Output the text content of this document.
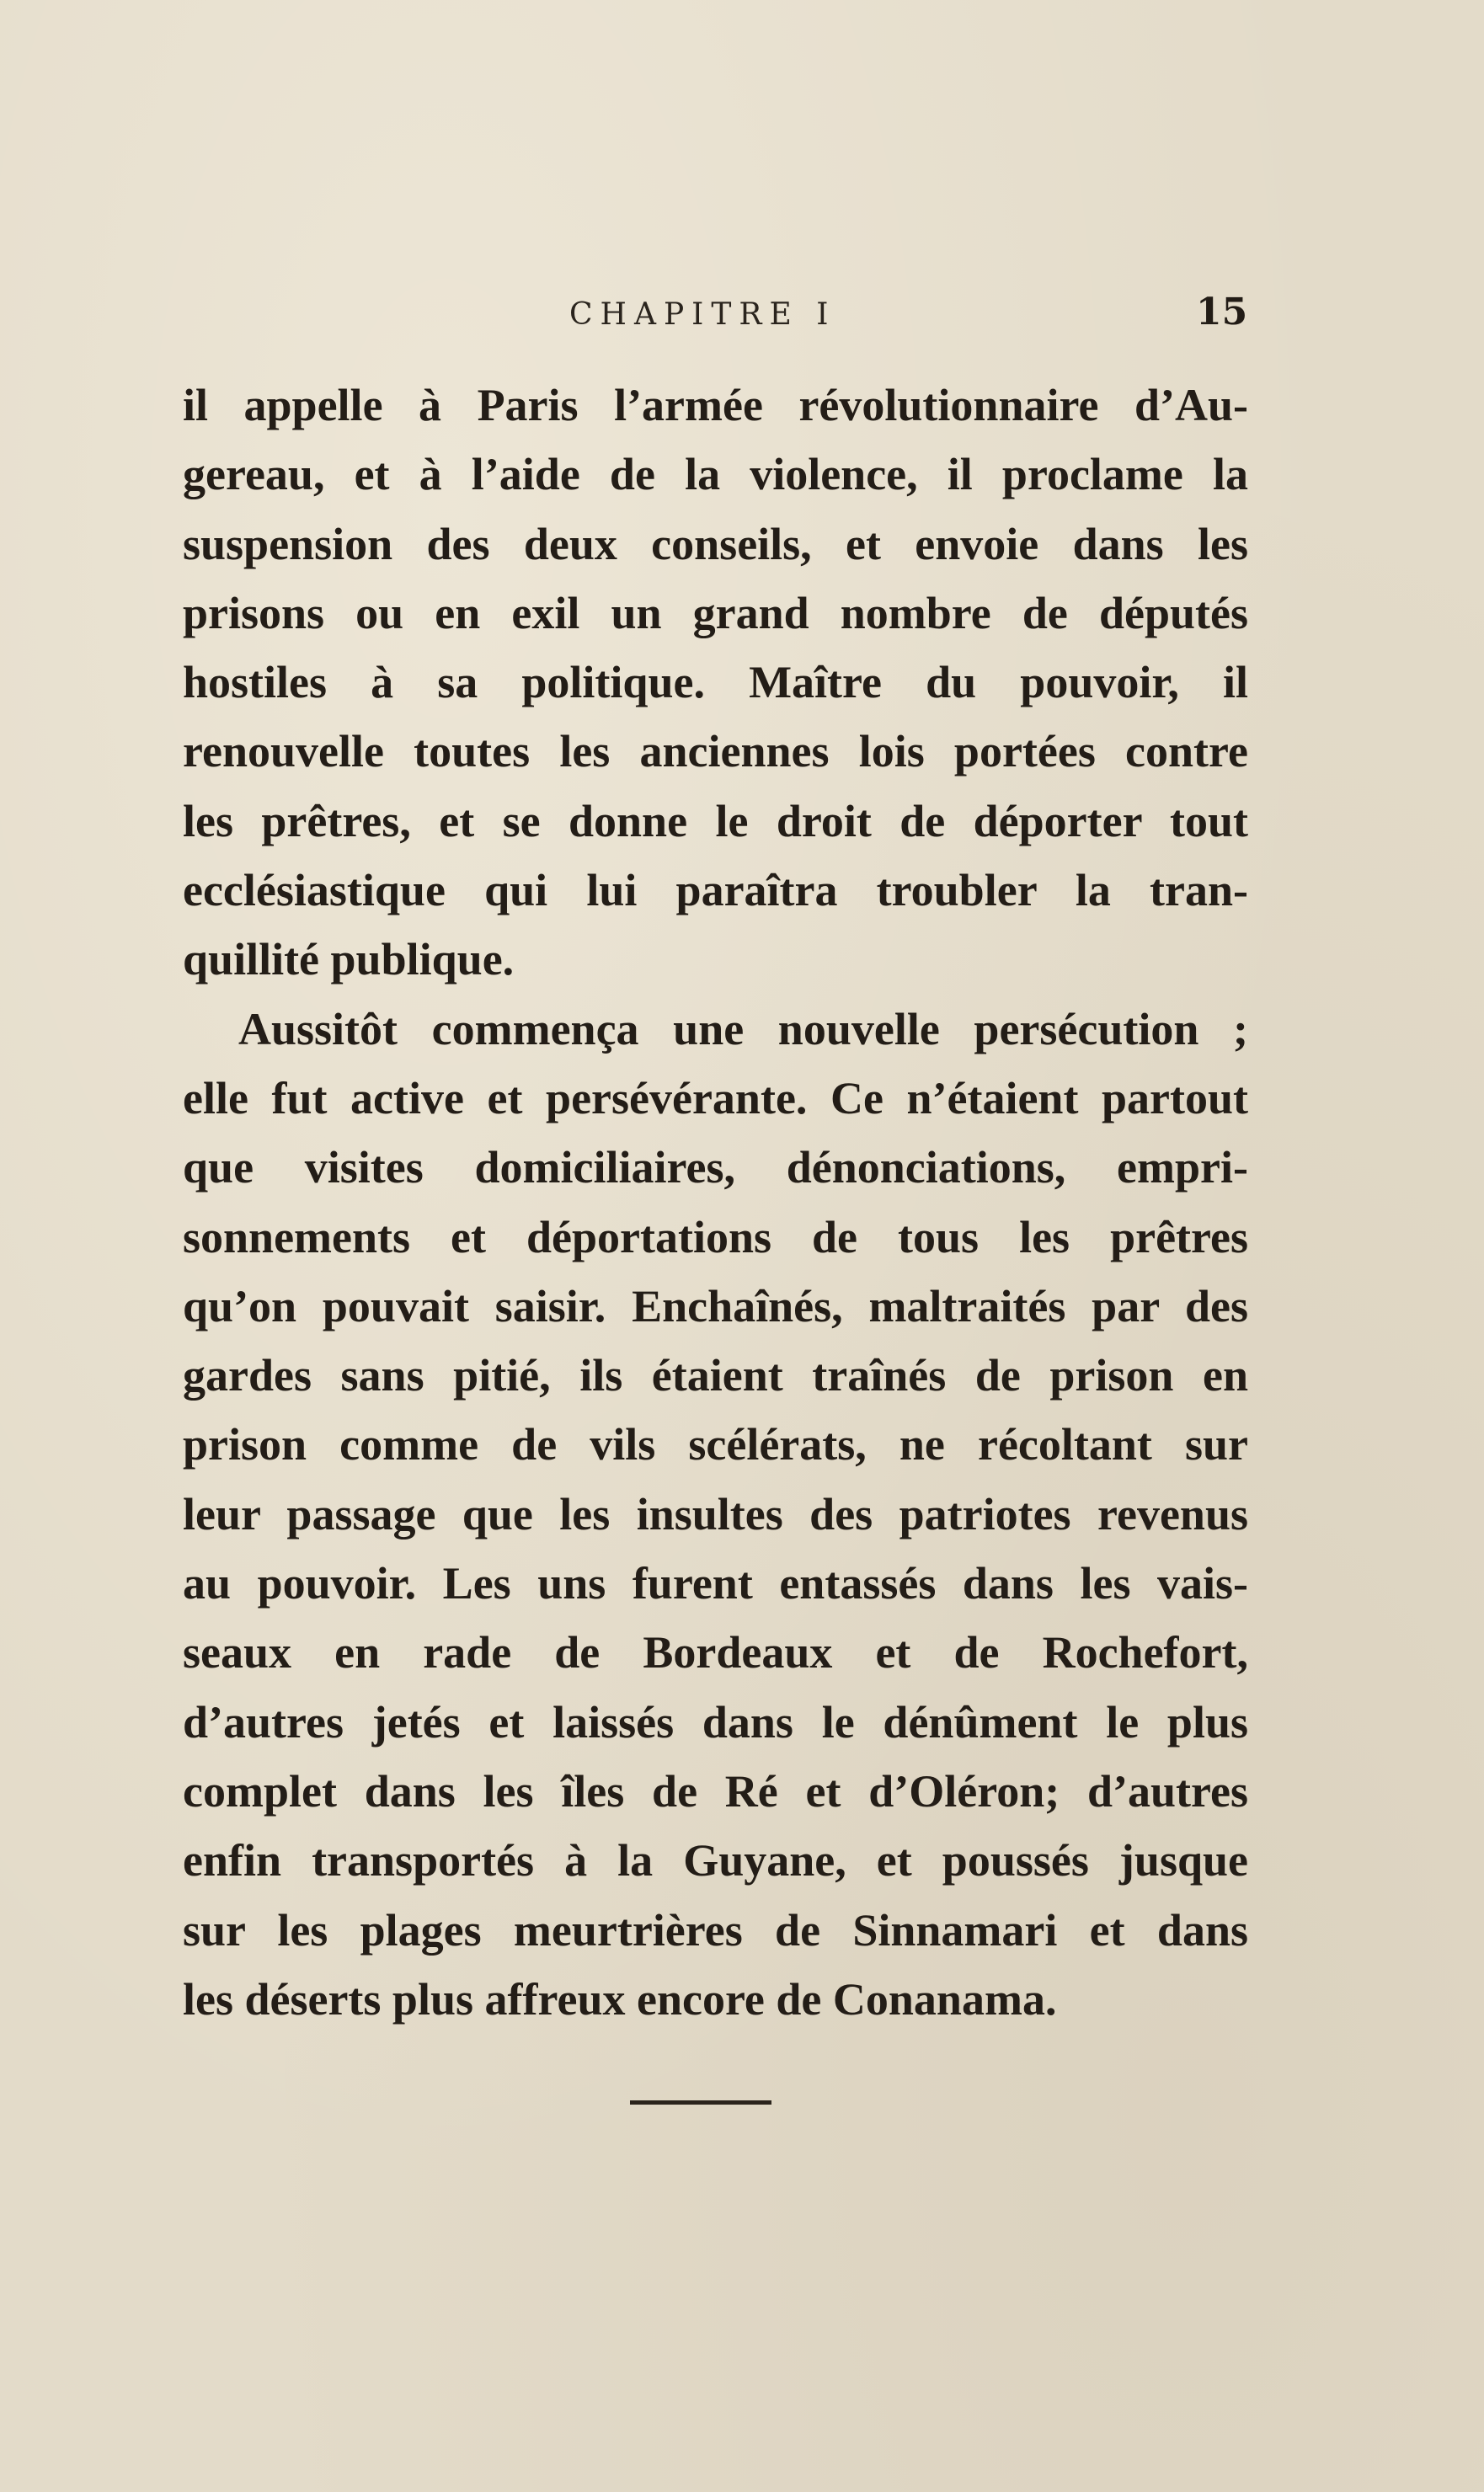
CHAPITRE I	15
il appelle à Paris l’armée révolutionnaire d’Au-
gereau, et à l’aide de la violence, il proclame la
suspension des deux conseils, et envoie dans les
prisons ou en exil un grand nombre de députés
hostiles à sa politique. Maître du pouvoir, il
renouvelle toutes les anciennes lois portées contre
les prêtres, et se donne le droit de déporter tout
ecclésiastique qui lui paraîtra troubler la tran-
quillité publique.
Aussitôt commença une nouvelle persécution ;
elle fut active et persévérante. Ce n’étaient partout
que visites domiciliaires, dénonciations, empri-
sonnements et déportations de tous les prêtres
qu’on pouvait saisir. Enchaînés, maltraités par des
gardes sans pitié, ils étaient traînés de prison en
prison comme de vils scélérats, ne récoltant sur
leur passage que les insultes des patriotes revenus
au pouvoir. Les uns furent entassés dans les vais-
seaux en rade de Bordeaux et de Rochefort,
d’autres jetés et laissés dans le dénûment le plus
complet dans les îles de Ré et d’Oléron; d’autres
enfin transportés à la Guyane, et poussés jusque
sur les plages meurtrières de Sinnamari et dans
les déserts plus affreux encore de Conanama.
